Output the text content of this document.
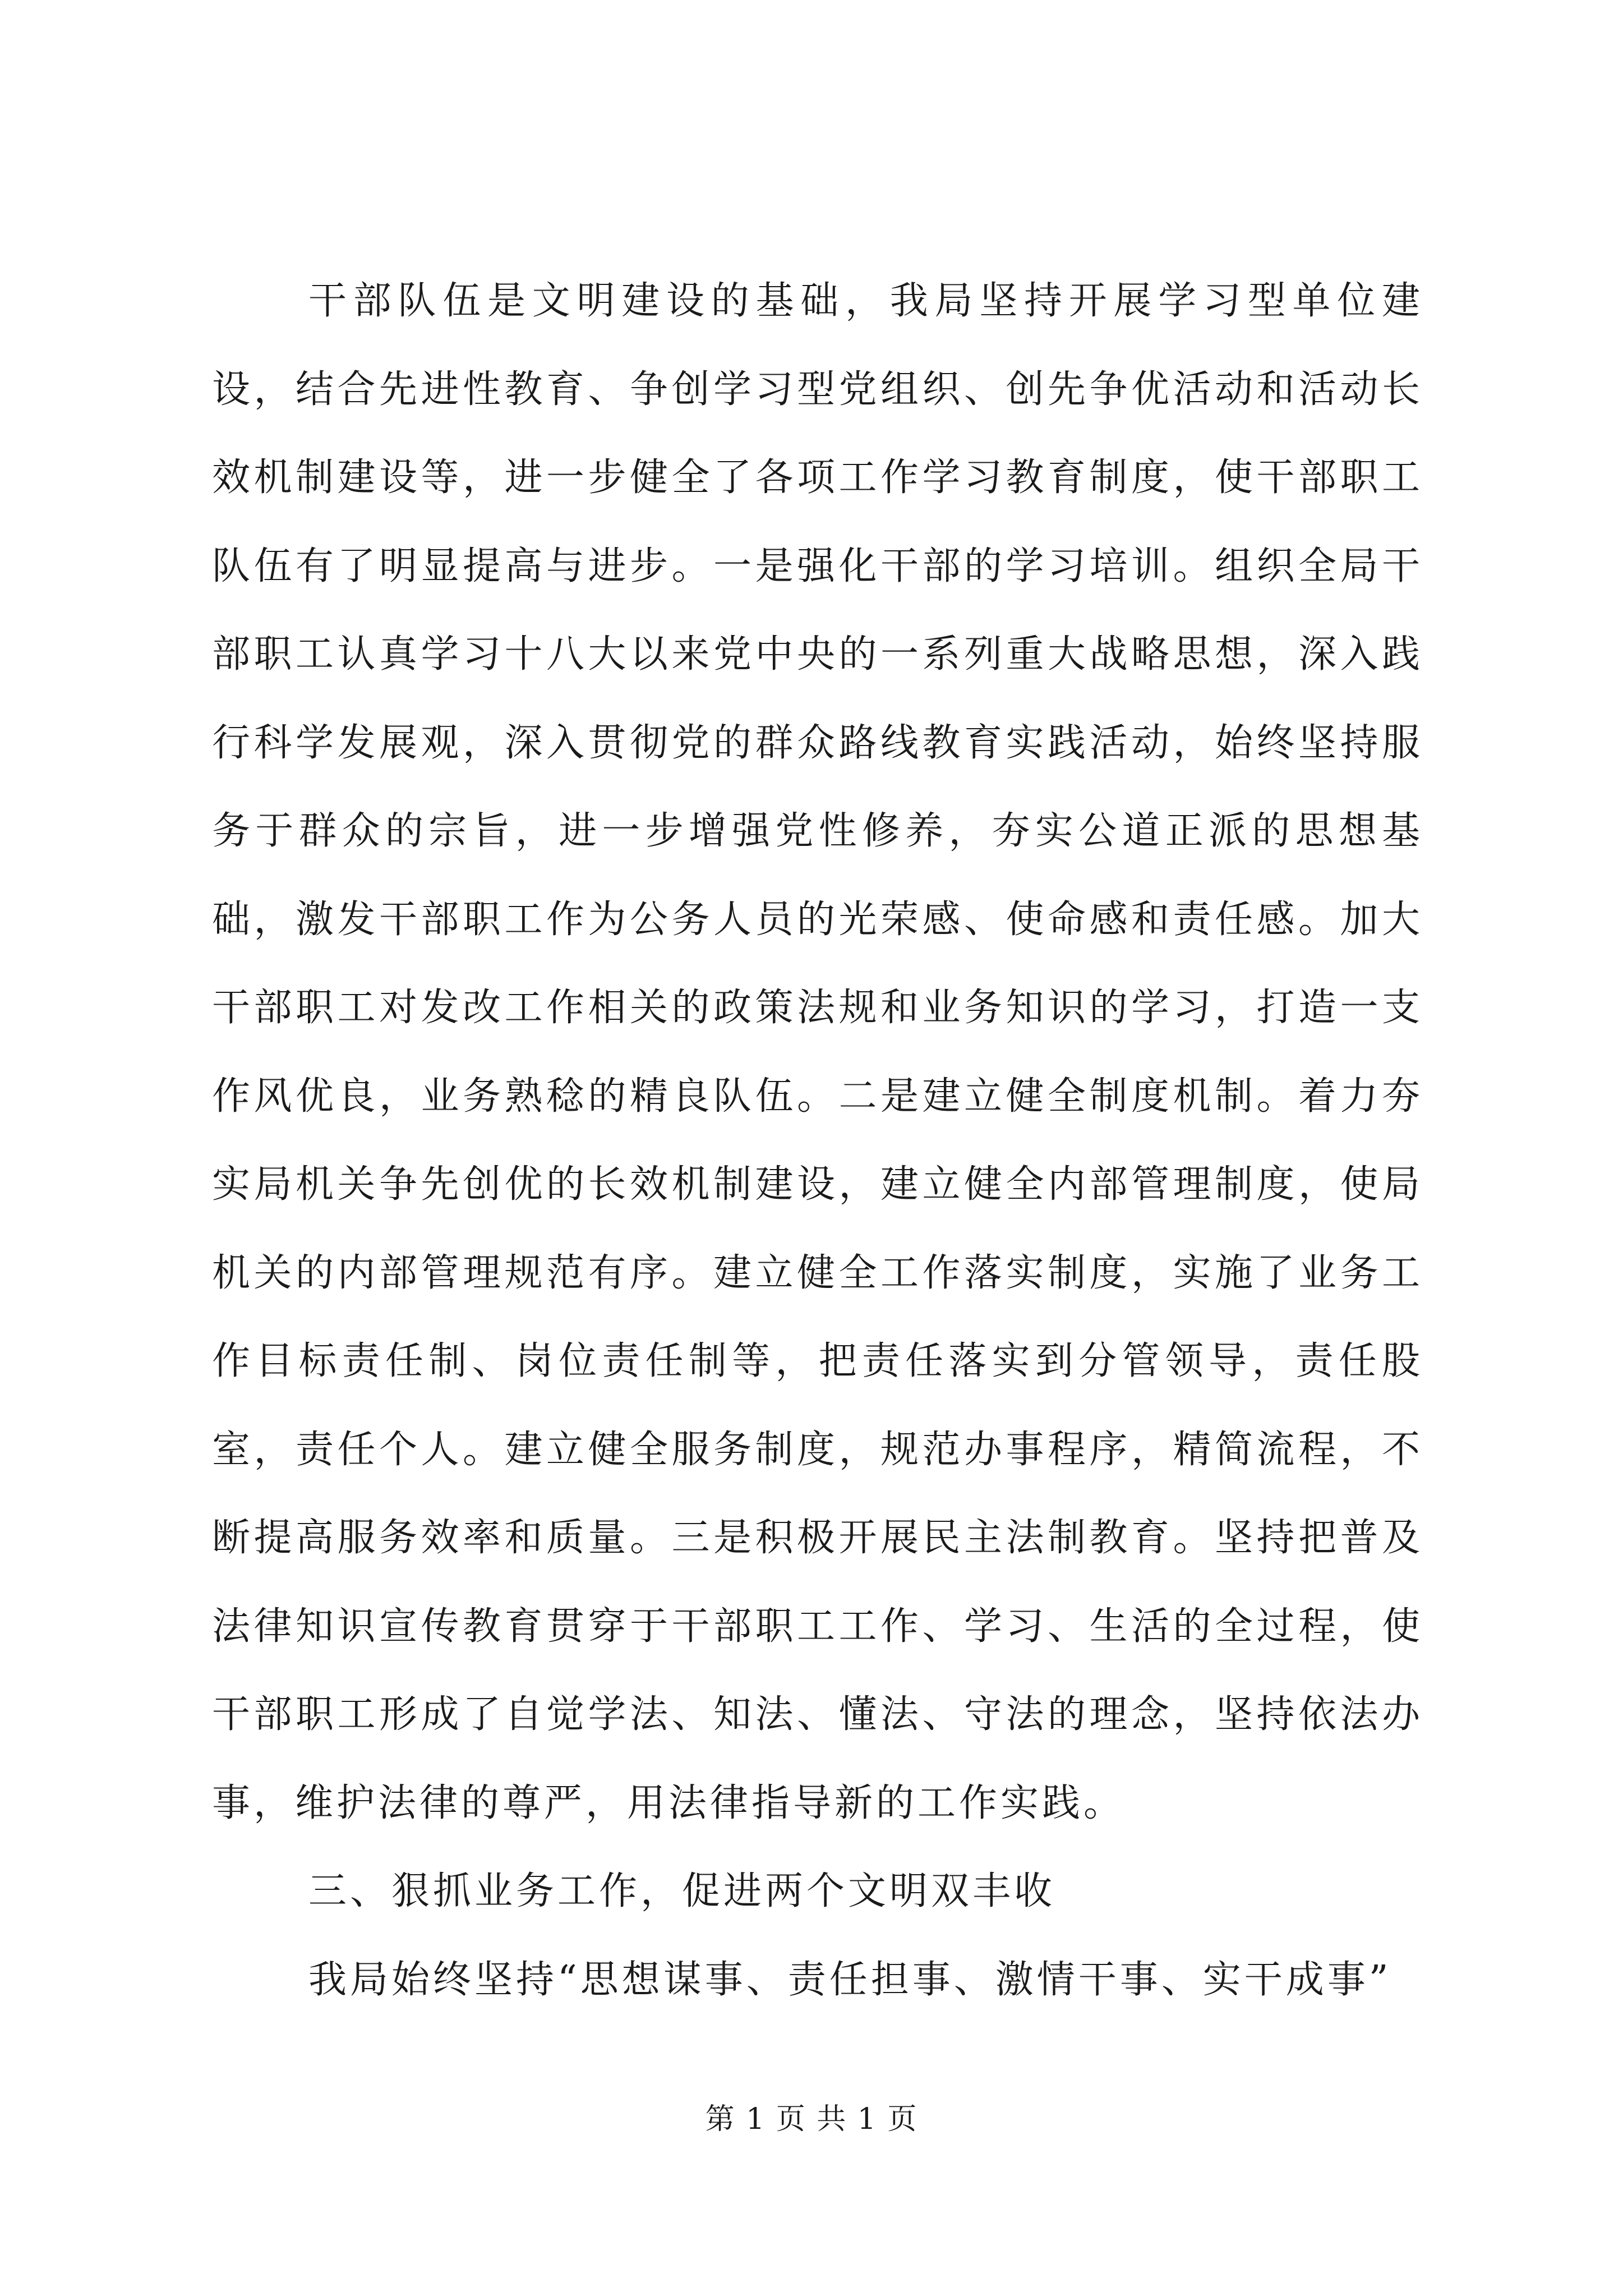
干部队伍是文明建设的基础，我局坚持开展学习型单位建设，结合先进性教育、争创学习型党组织、创先争优活动和活动长效机制建设等，进一步健全了各项工作学习教育制度，使干部职工队伍有了明显提高与进步。一是强化干部的学习培训。组织全局干部职工认真学习十八大以来党中央的一系列重大战略思想，深入践行科学发展观，深入贯彻党的群众路线教育实践活动，始终坚持服务于群众的宗旨，进一步增强党性修养，夯实公道正派的思想基础，激发干部职工作为公务人员的光荣感、使命感和责任感。加大干部职工对发改工作相关的政策法规和业务知识的学习，打造一支作风优良，业务熟稔的精良队伍。二是建立健全制度机制。着力夯实局机关争先创优的长效机制建设，建立健全内部管理制度，使局机关的内部管理规范有序。建立健全工作落实制度，实施了业务工作目标责任制、岗位责任制等，把责任落实到分管领导，责任股室，责任个人。建立健全服务制度，规范办事程序，精简流程，不断提高服务效率和质量。三是积极开展民主法制教育。坚持把普及法律知识宣传教育贯穿于干部职工工作、学习、生活的全过程，使干部职工形成了自觉学法、知法、懂法、守法的理念，坚持依法办事，维护法律的尊严，用法律指导新的工作实践。

三、狠抓业务工作，促进两个文明双丰收

我局始终坚持“思想谋事、责任担事、激情干事、实干成事”

第 1 页 共 1 页
